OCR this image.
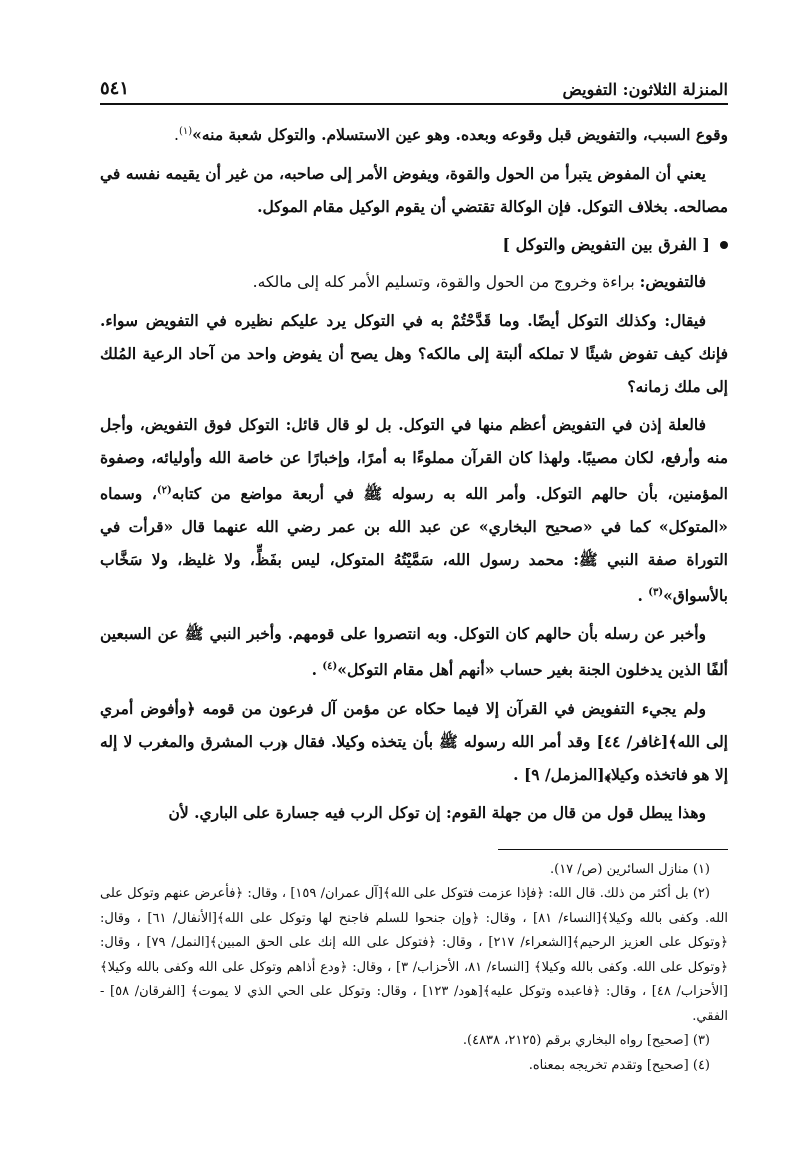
المنزلة الثلاثون: التفويض
٥٤١

وقوع السبب، والتفويض قبل وقوعه وبعده. وهو عين الاستسلام. والتوكل شعبة منه»$^{(١)}$.

يعني أن المفوض يتبرأ من الحول والقوة، ويفوض الأمر إلى صاحبه، من غير أن يقيمه نفسه في مصالحه. بخلاف التوكل. فإن الوكالة تقتضي أن يقوم الوكيل مقام الموكل.

[ الفرق بين التفويض والتوكل ]

فالتفويض: براءة وخروج من الحول والقوة، وتسليم الأمر كله إلى مالكه.

فيقال: وكذلك التوكل أيضًا. وما قَدَّحْتُمْ به في التوكل يرد عليكم نظيره في التفويض سواء. فإنك كيف تفوض شيئًا لا تملكه ألبتة إلى مالكه؟ وهل يصح أن يفوض واحد من آحاد الرعية المُلك إلى ملك زمانه؟

فالعلة إذن في التفويض أعظم منها في التوكل. بل لو قال قائل: التوكل فوق التفويض، وأجل منه وأرفع، لكان مصيبًا. ولهذا كان القرآن مملوءًا به أمرًا، وإخبارًا عن خاصة الله وأوليائه، وصفوة المؤمنين، بأن حالهم التوكل. وأمر الله به رسوله ﷺ في أربعة مواضع من كتابه$^{(٢)}$، وسماه «المتوكل» كما في «صحيح البخاري» عن عبد الله بن عمر رضي الله عنهما قال «قرأت في التوراة صفة النبي ﷺ: محمد رسول الله، سَمَّيْتُهُ المتوكل، ليس بفَظٍّ، ولا غليظ، ولا سَخَّاب بالأسواق»$^{(٣)}$ .

وأخبر عن رسله بأن حالهم كان التوكل. وبه انتصروا على قومهم. وأخبر النبي ﷺ عن السبعين ألفًا الذين يدخلون الجنة بغير حساب «أنهم أهل مقام التوكل»$^{(٤)}$ .

ولم يجيء التفويض في القرآن إلا فيما حكاه عن مؤمن آل فرعون من قومه ﴿وأفوض أمري إلى الله﴾[غافر/ ٤٤] وقد أمر الله رسوله ﷺ بأن يتخذه وكيلا. فقال ﴿رب المشرق والمغرب لا إله إلا هو فاتخذه وكيلا﴾[المزمل/ ٩] .

وهذا يبطل قول من قال من جهلة القوم: إن توكل الرب فيه جسارة على الباري. لأن

(١) منازل السائرين (ص/ ١٧).

(٢) بل أكثر من ذلك. قال الله: ﴿فإذا عزمت فتوكل على الله﴾[آل عمران/ ١٥٩] ، وقال: ﴿فأعرض عنهم وتوكل على الله. وكفى بالله وكيلا﴾[النساء/ ٨١] ، وقال: ﴿وإن جنحوا للسلم فاجنح لها وتوكل على الله﴾[الأنفال/ ٦١] ، وقال: ﴿وتوكل على العزيز الرحيم﴾[الشعراء/ ٢١٧] ، وقال: ﴿فتوكل على الله إنك على الحق المبين﴾[النمل/ ٧٩] ، وقال: ﴿وتوكل على الله. وكفى بالله وكيلا﴾ [النساء/ ٨١، الأحزاب/ ٣] ، وقال: ﴿ودع أذاهم وتوكل على الله وكفى بالله وكيلا﴾[الأحزاب/ ٤٨] ، وقال: ﴿فاعبده وتوكل عليه﴾[هود/ ١٢٣] ، وقال: وتوكل على الحي الذي لا يموت﴾ [الفرقان/ ٥٨] - الفقي.

(٣) [صحيح] رواه البخاري برقم (٢١٢٥، ٤٨٣٨).

(٤) [صحيح] وتقدم تخريجه بمعناه.
